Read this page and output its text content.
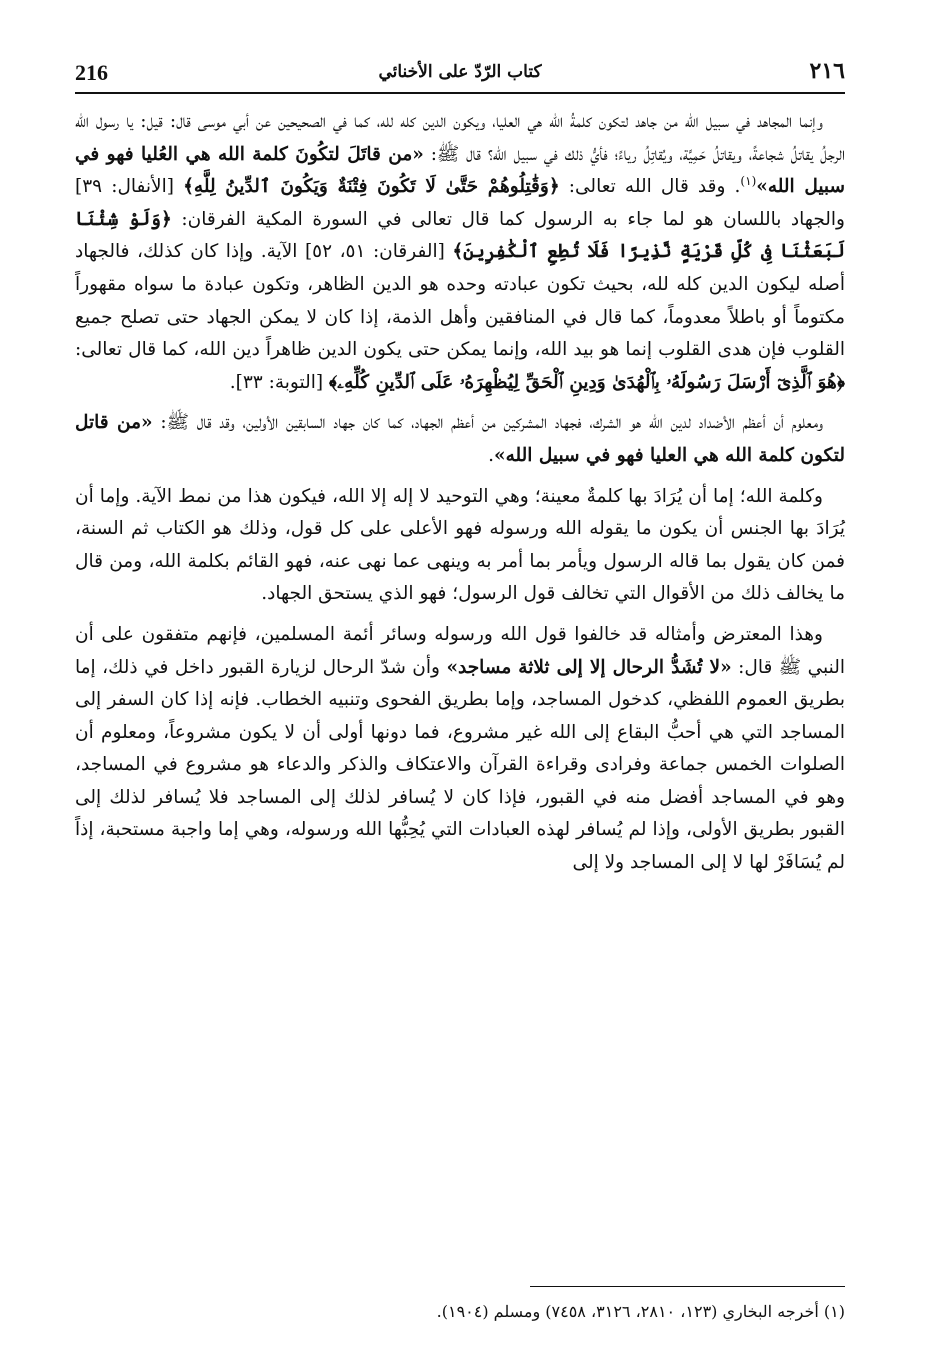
216	كتاب الرّدّ على الأخنائي	٢١٦

وإنما المجاهد في سبيل الله من جاهد لتكون كلمةُ الله هي العليا، ويكون الدين كله لله، كما في الصحيحين عن أبي موسى قال: قيل: يا رسول الله الرجلُ يقاتلُ شجاعةً، ويقاتلُ حَمِيَّة، ويُقاتِلُ رياءً؛ فأيُّ ذلك في سبيل الله؟ قال ﷺ: «من قاتَلَ لتكُونَ كلمة الله هي العُليا فهو في سبيل الله»$^{(١)}$. وقد قال الله تعالى: ﴿وَقَٰتِلُوهُمْ حَتَّىٰ لَا تَكُونَ فِتْنَةٌ وَيَكُونَ ٱلدِّينُ لِلَّهِ﴾ [الأنفال: ٣٩] والجهاد باللسان هو لما جاء به الرسول كما قال تعالى في السورة المكية الفرقان: ﴿وَلَوْ شِئْنَا لَبَعَثْنَا فِى كُلِّ قَرْيَةٍ نَّذِيرًا فَلَا تُطِعِ ٱلْكَٰفِرِينَ﴾ [الفرقان: ٥١، ٥٢] الآية. وإذا كان كذلك، فالجهاد أصله ليكون الدين كله لله، بحيث تكون عبادته وحده هو الدين الظاهر، وتكون عبادة ما سواه مقهوراً مكتوماً أو باطلاً معدوماً، كما قال في المنافقين وأهل الذمة، إذا كان لا يمكن الجهاد حتى تصلح جميع القلوب فإن هدى القلوب إنما هو بيد الله، وإنما يمكن حتى يكون الدين ظاهراً دين الله، كما قال تعالى: ﴿هُوَ ٱلَّذِىٓ أَرْسَلَ رَسُولَهُۥ بِٱلْهُدَىٰ وَدِينِ ٱلْحَقِّ لِيُظْهِرَهُۥ عَلَى ٱلدِّينِ كُلِّهِۦ﴾ [التوبة: ٣٣].

ومعلوم أن أعظم الأضداد لدين الله هو الشرك، فجهاد المشركين من أعظم الجهاد، كما كان جهاد السابقين الأولين، وقد قال ﷺ: «من قاتل لتكون كلمة الله هي العليا فهو في سبيل الله».

وكلمة الله؛ إما أن يُرَادَ بها كلمةٌ معينة؛ وهي التوحيد لا إله إلا الله، فيكون هذا من نمط الآية. وإما أن يُرَادَ بها الجنس أن يكون ما يقوله الله ورسوله فهو الأعلى على كل قول، وذلك هو الكتاب ثم السنة، فمن كان يقول بما قاله الرسول ويأمر بما أمر به وينهى عما نهى عنه، فهو القائم بكلمة الله، ومن قال ما يخالف ذلك من الأقوال التي تخالف قول الرسول؛ فهو الذي يستحق الجهاد.

وهذا المعترض وأمثاله قد خالفوا قول الله ورسوله وسائر أئمة المسلمين، فإنهم متفقون على أن النبي ﷺ قال: «لا تُشَدُّ الرحال إلا إلى ثلاثة مساجد» وأن شدّ الرحال لزيارة القبور داخل في ذلك، إما بطريق العموم اللفظي، كدخول المساجد، وإما بطريق الفحوى وتنبيه الخطاب. فإنه إذا كان السفر إلى المساجد التي هي أحبُّ البقاع إلى الله غير مشروع، فما دونها أولى أن لا يكون مشروعاً، ومعلوم أن الصلوات الخمس جماعة وفرادى وقراءة القرآن والاعتكاف والذكر والدعاء هو مشروع في المساجد، وهو في المساجد أفضل منه في القبور، فإذا كان لا يُسافر لذلك إلى المساجد فلا يُسافر لذلك إلى القبور بطريق الأولى، وإذا لم يُسافر لهذه العبادات التي يُحِبُّها الله ورسوله، وهي إما واجبة مستحبة، إذاً لم يُسَافَرْ لها لا إلى المساجد ولا إلى

(١) أخرجه البخاري (١٢٣، ٢٨١٠، ٣١٢٦، ٧٤٥٨) ومسلم (١٩٠٤).
